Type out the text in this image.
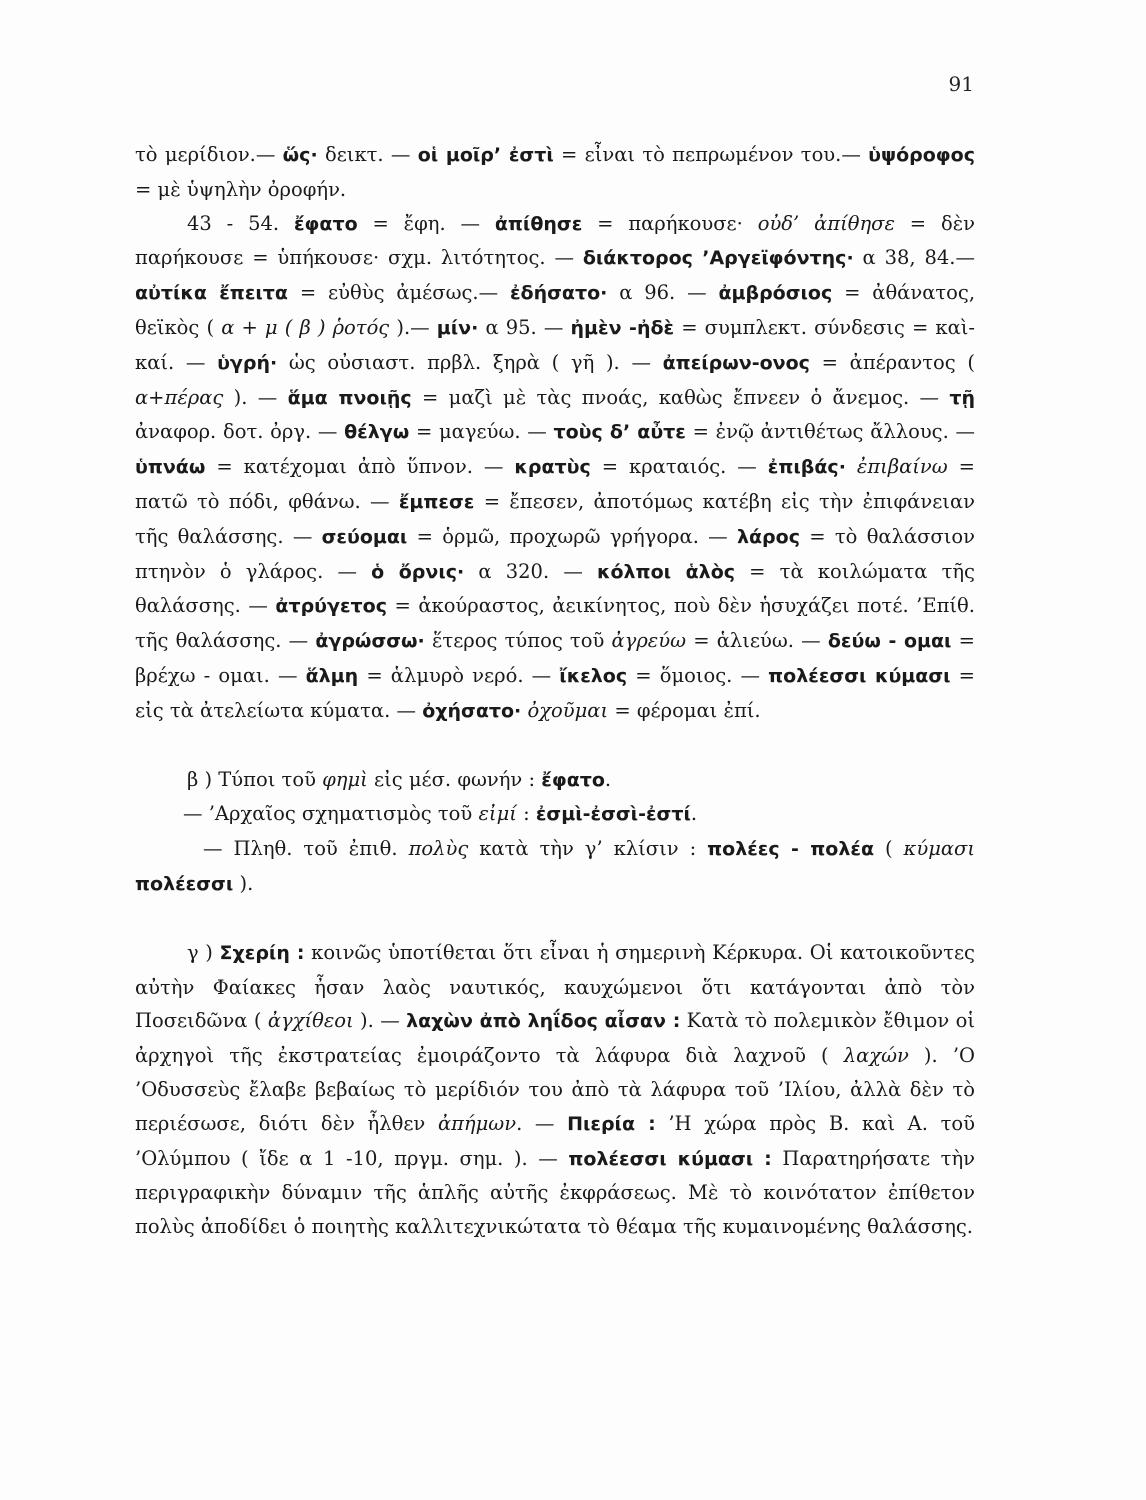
91

τὸ μερίδιον.— ὥς· δεικτ. — οἱ μοῖρ’ ἐστὶ = εἶναι τὸ πεπρωμένον του.— ὑψόροφος = μὲ ὑψηλὴν ὀροφήν.

43 - 54. ἔφατο = ἔφη. — ἀπίθησε = παρήκουσε· οὐδ’ ἀπίθησε = δὲν παρήκουσε = ὑπήκουσε· σχμ. λιτότητος. — διάκτορος ’Αργεϊφόντης· α 38, 84.— αὐτίκα ἔπειτα = εὐθὺς ἀμέσως.— ἐδήσατο· α 96. — ἀμβρόσιος = ἀθάνατος, θεϊκὸς ( α + μ ( β ) ῥοτός ).— μίν· α 95. — ἠμὲν -ἠδὲ = συμπλεκτ. σύνδεσις = καὶ-καί. — ὑγρή· ὡς οὐσιαστ. πρβλ. ξηρὰ ( γῆ ). — ἀπείρων-ονος = ἀπέραντος ( α+πέρας ). — ἅμα πνοιῇς = μαζὶ μὲ τὰς πνοάς, καθὼς ἔπνεεν ὁ ἄνεμος. — τῇ ἀναφορ. δοτ. ὀργ. — θέλγω = μαγεύω. — τοὺς δ’ αὖτε = ἐνῷ ἀντιθέτως ἄλλους. — ὑπνάω = κατέχομαι ἀπὸ ὕπνον. — κρατὺς = κραταιός. — ἐπιβάς· ἐπιβαίνω = πατῶ τὸ πόδι, φθάνω. — ἔμπεσε = ἔπεσεν, ἀποτόμως κατέβη εἰς τὴν ἐπιφάνειαν τῆς θαλάσσης. — σεύομαι = ὁρμῶ, προχωρῶ γρήγορα. — λάρος = τὸ θαλάσσιον πτηνὸν ὁ γλάρος. — ὁ ὄρνις· α 320. — κόλποι ἁλὸς = τὰ κοιλώματα τῆς θαλάσσης. — ἀτρύγετος = ἀκούραστος, ἀεικίνητος, ποὺ δὲν ἡσυχάζει ποτέ. ’Επίθ. τῆς θαλάσσης. — ἀγρώσσω· ἕτερος τύπος τοῦ ἀγρεύω = ἁλιεύω. — δεύω - ομαι = βρέχω - ομαι. — ἅλμη = ἁλμυρὸ νερό. — ἴκελος = ὅμοιος. — πολέεσσι κύμασι = εἰς τὰ ἀτελείωτα κύματα. — ὀχήσατο· ὀχοῦμαι = φέρομαι ἐπί.

β ) Τύποι τοῦ φημὶ εἰς μέσ. φωνήν : ἔφατο.

— ’Αρχαῖος σχηματισμὸς τοῦ εἰμί : ἐσμὶ-ἐσσὶ-ἐστί.

— Πληθ. τοῦ ἐπιθ. πολὺς κατὰ τὴν γ’ κλίσιν : πολέες - πολέα ( κύμασι πολέεσσι ).

γ ) Σχερίη : κοινῶς ὑποτίθεται ὅτι εἶναι ἡ σημερινὴ Κέρκυρα. Οἱ κατοικοῦντες αὐτὴν Φαίακες ἦσαν λαὸς ναυτικός, καυχώμενοι ὅτι κατάγονται ἀπὸ τὸν Ποσειδῶνα ( ἀγχίθεοι ). — λαχὼν ἀπὸ ληΐδος αἶσαν : Κατὰ τὸ πολεμικὸν ἔθιμον οἱ ἀρχηγοὶ τῆς ἐκστρατείας ἐμοιράζοντο τὰ λάφυρα διὰ λαχνοῦ ( λαχών ). ’Ο ’Οδυσσεὺς ἔλαβε βεβαίως τὸ μερίδιόν του ἀπὸ τὰ λάφυρα τοῦ ’Ιλίου, ἀλλὰ δὲν τὸ περιέσωσε, διότι δὲν ἦλθεν ἀπήμων. — Πιερία : ’Η χώρα πρὸς Β. καὶ Α. τοῦ ’Ολύμπου ( ἴδε α 1 -10, πργμ. σημ. ). — πολέεσσι κύμασι : Παρατηρήσατε τὴν περιγραφικὴν δύναμιν τῆς ἁπλῆς αὐτῆς ἐκφράσεως. Μὲ τὸ κοινότατον ἐπίθετον πολὺς ἀποδίδει ὁ ποιητὴς καλλιτεχνικώτατα τὸ θέαμα τῆς κυμαινομένης θαλάσσης.
